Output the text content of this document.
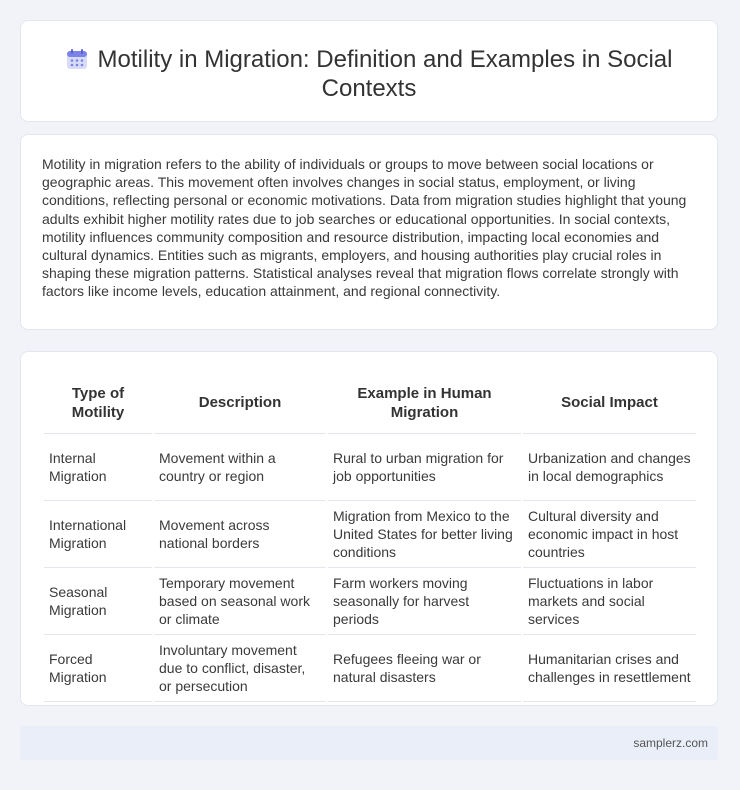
Motility in Migration: Definition and Examples in Social Contexts

Motility in migration refers to the ability of individuals or groups to move between social locations or geographic areas. This movement often involves changes in social status, employment, or living conditions, reflecting personal or economic motivations. Data from migration studies highlight that young adults exhibit higher motility rates due to job searches or educational opportunities. In social contexts, motility influences community composition and resource distribution, impacting local economies and cultural dynamics. Entities such as migrants, employers, and housing authorities play crucial roles in shaping these migration patterns. Statistical analyses reveal that migration flows correlate strongly with factors like income levels, education attainment, and regional connectivity.

Type of Motility	Description	Example in Human Migration	Social Impact
Internal Migration	Movement within a country or region	Rural to urban migration for job opportunities	Urbanization and changes in local demographics
International Migration	Movement across national borders	Migration from Mexico to the United States for better living conditions	Cultural diversity and economic impact in host countries
Seasonal Migration	Temporary movement based on seasonal work or climate	Farm workers moving seasonally for harvest periods	Fluctuations in labor markets and social services
Forced Migration	Involuntary movement due to conflict, disaster, or persecution	Refugees fleeing war or natural disasters	Humanitarian crises and challenges in resettlement
samplerz.com
